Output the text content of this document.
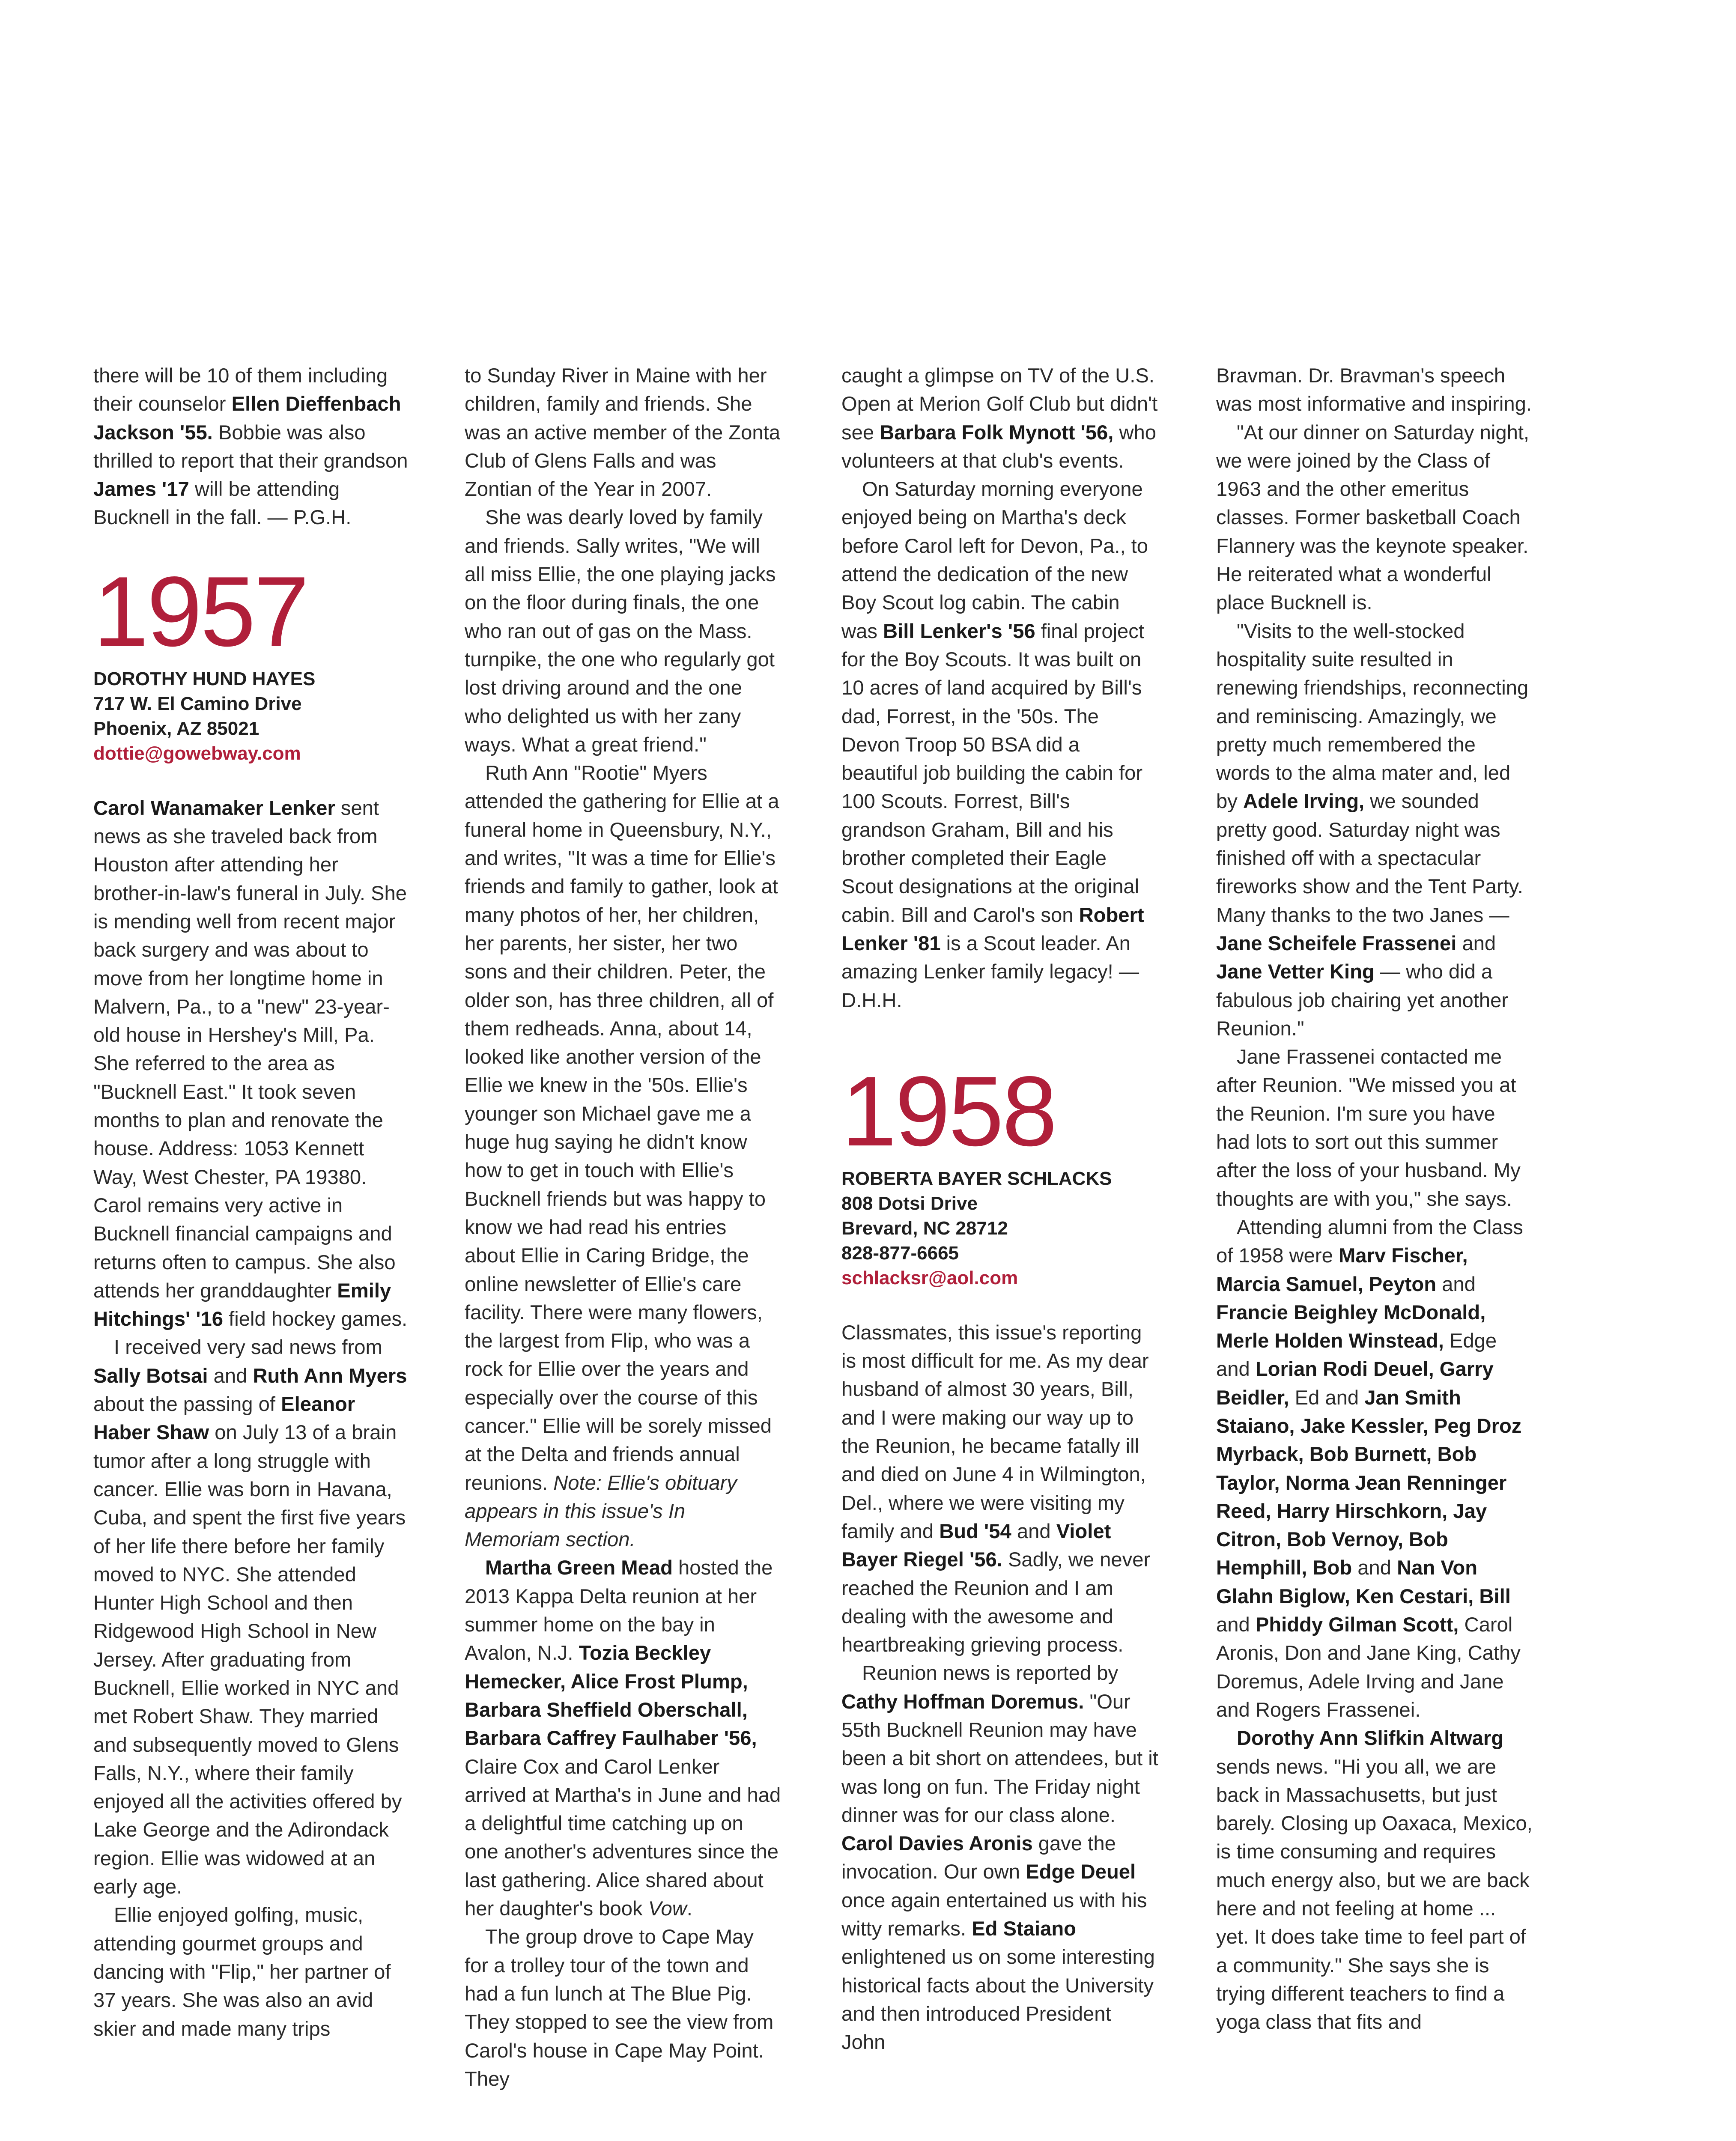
there will be 10 of them including their counselor Ellen Dieffenbach Jackson '55. Bobbie was also thrilled to report that their grandson James '17 will be attending Bucknell in the fall. — P.G.H.

1957
DOROTHY HUND HAYES
717 W. El Camino Drive
Phoenix, AZ 85021
dottie@gowebway.com

Carol Wanamaker Lenker sent news as she traveled back from Houston after attending her brother-in-law's funeral in July. She is mending well from recent major back surgery and was about to move from her longtime home in Malvern, Pa., to a "new" 23-year-old house in Hershey's Mill, Pa. She referred to the area as "Bucknell East." It took seven months to plan and renovate the house. Address: 1053 Kennett Way, West Chester, PA 19380. Carol remains very active in Bucknell financial campaigns and returns often to campus. She also attends her granddaughter Emily Hitchings' '16 field hockey games.

I received very sad news from Sally Botsai and Ruth Ann Myers about the passing of Eleanor Haber Shaw on July 13 of a brain tumor after a long struggle with cancer. Ellie was born in Havana, Cuba, and spent the first five years of her life there before her family moved to NYC. She attended Hunter High School and then Ridgewood High School in New Jersey. After graduating from Bucknell, Ellie worked in NYC and met Robert Shaw. They married and subsequently moved to Glens Falls, N.Y., where their family enjoyed all the activities offered by Lake George and the Adirondack region. Ellie was widowed at an early age.

Ellie enjoyed golfing, music, attending gourmet groups and dancing with "Flip," her partner of 37 years. She was also an avid skier and made many trips

to Sunday River in Maine with her children, family and friends. She was an active member of the Zonta Club of Glens Falls and was Zontian of the Year in 2007.

She was dearly loved by family and friends. Sally writes, "We will all miss Ellie, the one playing jacks on the floor during finals, the one who ran out of gas on the Mass. turnpike, the one who regularly got lost driving around and the one who delighted us with her zany ways. What a great friend."

Ruth Ann "Rootie" Myers attended the gathering for Ellie at a funeral home in Queensbury, N.Y., and writes, "It was a time for Ellie's friends and family to gather, look at many photos of her, her children, her parents, her sister, her two sons and their children. Peter, the older son, has three children, all of them redheads. Anna, about 14, looked like another version of the Ellie we knew in the '50s. Ellie's younger son Michael gave me a huge hug saying he didn't know how to get in touch with Ellie's Bucknell friends but was happy to know we had read his entries about Ellie in Caring Bridge, the online newsletter of Ellie's care facility. There were many flowers, the largest from Flip, who was a rock for Ellie over the years and especially over the course of this cancer." Ellie will be sorely missed at the Delta and friends annual reunions. Note: Ellie's obituary appears in this issue's In Memoriam section.

Martha Green Mead hosted the 2013 Kappa Delta reunion at her summer home on the bay in Avalon, N.J. Tozia Beckley Hemecker, Alice Frost Plump, Barbara Sheffield Oberschall, Barbara Caffrey Faulhaber '56, Claire Cox and Carol Lenker arrived at Martha's in June and had a delightful time catching up on one another's adventures since the last gathering. Alice shared about her daughter's book Vow.

The group drove to Cape May for a trolley tour of the town and had a fun lunch at The Blue Pig. They stopped to see the view from Carol's house in Cape May Point. They

caught a glimpse on TV of the U.S. Open at Merion Golf Club but didn't see Barbara Folk Mynott '56, who volunteers at that club's events.

On Saturday morning everyone enjoyed being on Martha's deck before Carol left for Devon, Pa., to attend the dedication of the new Boy Scout log cabin. The cabin was Bill Lenker's '56 final project for the Boy Scouts. It was built on 10 acres of land acquired by Bill's dad, Forrest, in the '50s. The Devon Troop 50 BSA did a beautiful job building the cabin for 100 Scouts. Forrest, Bill's grandson Graham, Bill and his brother completed their Eagle Scout designations at the original cabin. Bill and Carol's son Robert Lenker '81 is a Scout leader. An amazing Lenker family legacy! — D.H.H.

1958
ROBERTA BAYER SCHLACKS
808 Dotsi Drive
Brevard, NC 28712
828-877-6665
schlacksr@aol.com

Classmates, this issue's reporting is most difficult for me. As my dear husband of almost 30 years, Bill, and I were making our way up to the Reunion, he became fatally ill and died on June 4 in Wilmington, Del., where we were visiting my family and Bud '54 and Violet Bayer Riegel '56. Sadly, we never reached the Reunion and I am dealing with the awesome and heartbreaking grieving process.

Reunion news is reported by Cathy Hoffman Doremus. "Our 55th Bucknell Reunion may have been a bit short on attendees, but it was long on fun. The Friday night dinner was for our class alone. Carol Davies Aronis gave the invocation. Our own Edge Deuel once again entertained us with his witty remarks. Ed Staiano enlightened us on some interesting historical facts about the University and then introduced President John

Bravman. Dr. Bravman's speech was most informative and inspiring.

"At our dinner on Saturday night, we were joined by the Class of 1963 and the other emeritus classes. Former basketball Coach Flannery was the keynote speaker. He reiterated what a wonderful place Bucknell is.

"Visits to the well-stocked hospitality suite resulted in renewing friendships, reconnecting and reminiscing. Amazingly, we pretty much remembered the words to the alma mater and, led by Adele Irving, we sounded pretty good. Saturday night was finished off with a spectacular fireworks show and the Tent Party. Many thanks to the two Janes — Jane Scheifele Frassenei and Jane Vetter King — who did a fabulous job chairing yet another Reunion."

Jane Frassenei contacted me after Reunion. "We missed you at the Reunion. I'm sure you have had lots to sort out this summer after the loss of your husband. My thoughts are with you," she says.

Attending alumni from the Class of 1958 were Marv Fischer, Marcia Samuel, Peyton and Francie Beighley McDonald, Merle Holden Winstead, Edge and Lorian Rodi Deuel, Garry Beidler, Ed and Jan Smith Staiano, Jake Kessler, Peg Droz Myrback, Bob Burnett, Bob Taylor, Norma Jean Renninger Reed, Harry Hirschkorn, Jay Citron, Bob Vernoy, Bob Hemphill, Bob and Nan Von Glahn Biglow, Ken Cestari, Bill and Phiddy Gilman Scott, Carol Aronis, Don and Jane King, Cathy Doremus, Adele Irving and Jane and Rogers Frassenei.

Dorothy Ann Slifkin Altwarg sends news. "Hi you all, we are back in Massachusetts, but just barely. Closing up Oaxaca, Mexico, is time consuming and requires much energy also, but we are back here and not feeling at home ... yet. It does take time to feel part of a community." She says she is trying different teachers to find a yoga class that fits and
